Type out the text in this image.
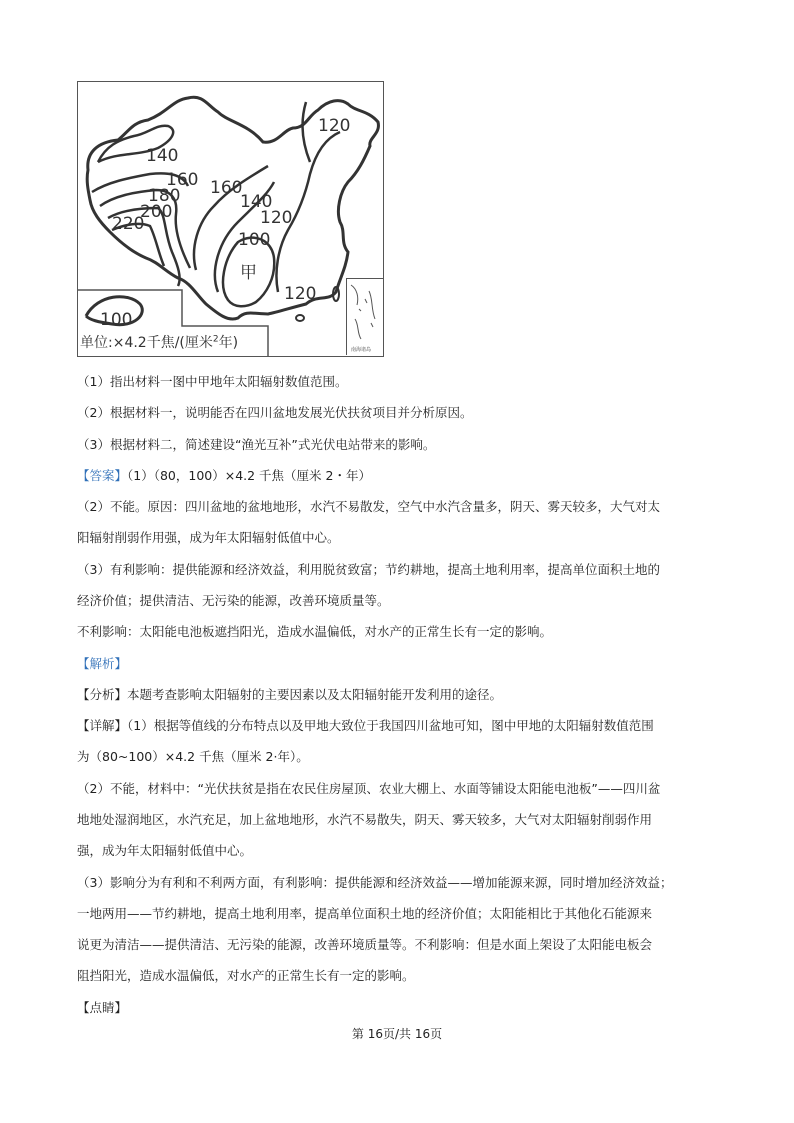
120
140
160
180
200
220
160
140
120
100
甲
120
100
单位:×4.2千焦/(厘米$^2$年)	南海诸岛
（1）指出材料一图中甲地年太阳辐射数值范围。
（2）根据材料一，说明能否在四川盆地发展光伏扶贫项目并分析原因。
（3）根据材料二，简述建设“渔光互补”式光伏电站带来的影响。
【答案】（1）（80，100）×4.2 千焦（厘米 2・年）
（2）不能。原因：四川盆地的盆地地形，水汽不易散发，空气中水汽含量多，阴天、雾天较多，大气对太
阳辐射削弱作用强，成为年太阳辐射低值中心。
（3）有利影响：提供能源和经济效益，利用脱贫致富；节约耕地，提高土地利用率，提高单位面积土地的
经济价值；提供清洁、无污染的能源，改善环境质量等。
不利影响：太阳能电池板遮挡阳光，造成水温偏低，对水产的正常生长有一定的影响。
【解析】
【分析】本题考查影响太阳辐射的主要因素以及太阳辐射能开发利用的途径。
【详解】（1）根据等值线的分布特点以及甲地大致位于我国四川盆地可知，图中甲地的太阳辐射数值范围
为（80~100）×4.2 千焦（厘米 2·年）。
（2）不能，材料中：“光伏扶贫是指在农民住房屋顶、农业大棚上、水面等铺设太阳能电池板”——四川盆
地地处湿润地区，水汽充足，加上盆地地形，水汽不易散失，阴天、雾天较多，大气对太阳辐射削弱作用
强，成为年太阳辐射低值中心。
（3）影响分为有利和不利两方面，有利影响：提供能源和经济效益——增加能源来源，同时增加经济效益；
一地两用——节约耕地，提高土地利用率，提高单位面积土地的经济价值；太阳能相比于其他化石能源来
说更为清洁——提供清洁、无污染的能源，改善环境质量等。不利影响：但是水面上架设了太阳能电板会
阻挡阳光，造成水温偏低，对水产的正常生长有一定的影响。
【点睛】
第 16页/共 16页
